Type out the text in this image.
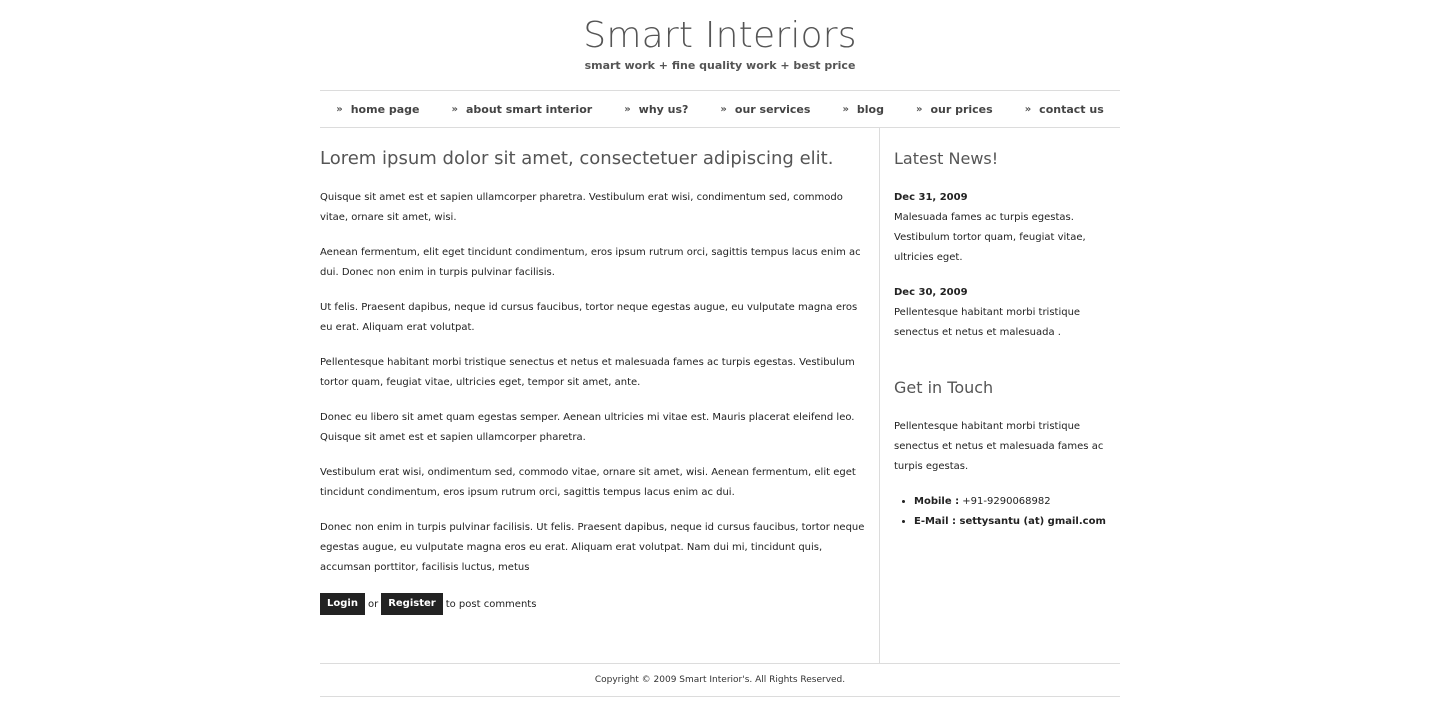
Smart Interiors
smart work + fine quality work + best price
» home page	» about smart interior	» why us?	» our services	» blog	» our prices	» contact us
Lorem ipsum dolor sit amet, consectetuer adipiscing elit.

Quisque sit amet est et sapien ullamcorper pharetra. Vestibulum erat wisi, condimentum sed, commodo vitae, ornare sit amet, wisi.

Aenean fermentum, elit eget tincidunt condimentum, eros ipsum rutrum orci, sagittis tempus lacus enim ac dui. Donec non enim in turpis pulvinar facilisis.

Ut felis. Praesent dapibus, neque id cursus faucibus, tortor neque egestas augue, eu vulputate magna eros eu erat. Aliquam erat volutpat.

Pellentesque habitant morbi tristique senectus et netus et malesuada fames ac turpis egestas. Vestibulum tortor quam, feugiat vitae, ultricies eget, tempor sit amet, ante.

Donec eu libero sit amet quam egestas semper. Aenean ultricies mi vitae est. Mauris placerat eleifend leo. Quisque sit amet est et sapien ullamcorper pharetra.

Vestibulum erat wisi, ondimentum sed, commodo vitae, ornare sit amet, wisi. Aenean fermentum, elit eget tincidunt condimentum, eros ipsum rutrum orci, sagittis tempus lacus enim ac dui.

Donec non enim in turpis pulvinar facilisis. Ut felis. Praesent dapibus, neque id cursus faucibus, tortor neque egestas augue, eu vulputate magna eros eu erat. Aliquam erat volutpat. Nam dui mi, tincidunt quis, accumsan porttitor, facilisis luctus, metus

Login	or	Register	to post comments
Latest News!
Dec 31, 2009
Malesuada fames ac turpis egestas. Vestibulum tortor quam, feugiat vitae, ultricies eget.
Dec 30, 2009
Pellentesque habitant morbi tristique senectus et netus et malesuada .
Get in Touch
Pellentesque habitant morbi tristique senectus et netus et malesuada fames ac turpis egestas.
• Mobile : +91-9290068982
• E-Mail : settysantu (at) gmail.com
Copyright © 2009 Smart Interior's. All Rights Reserved.
